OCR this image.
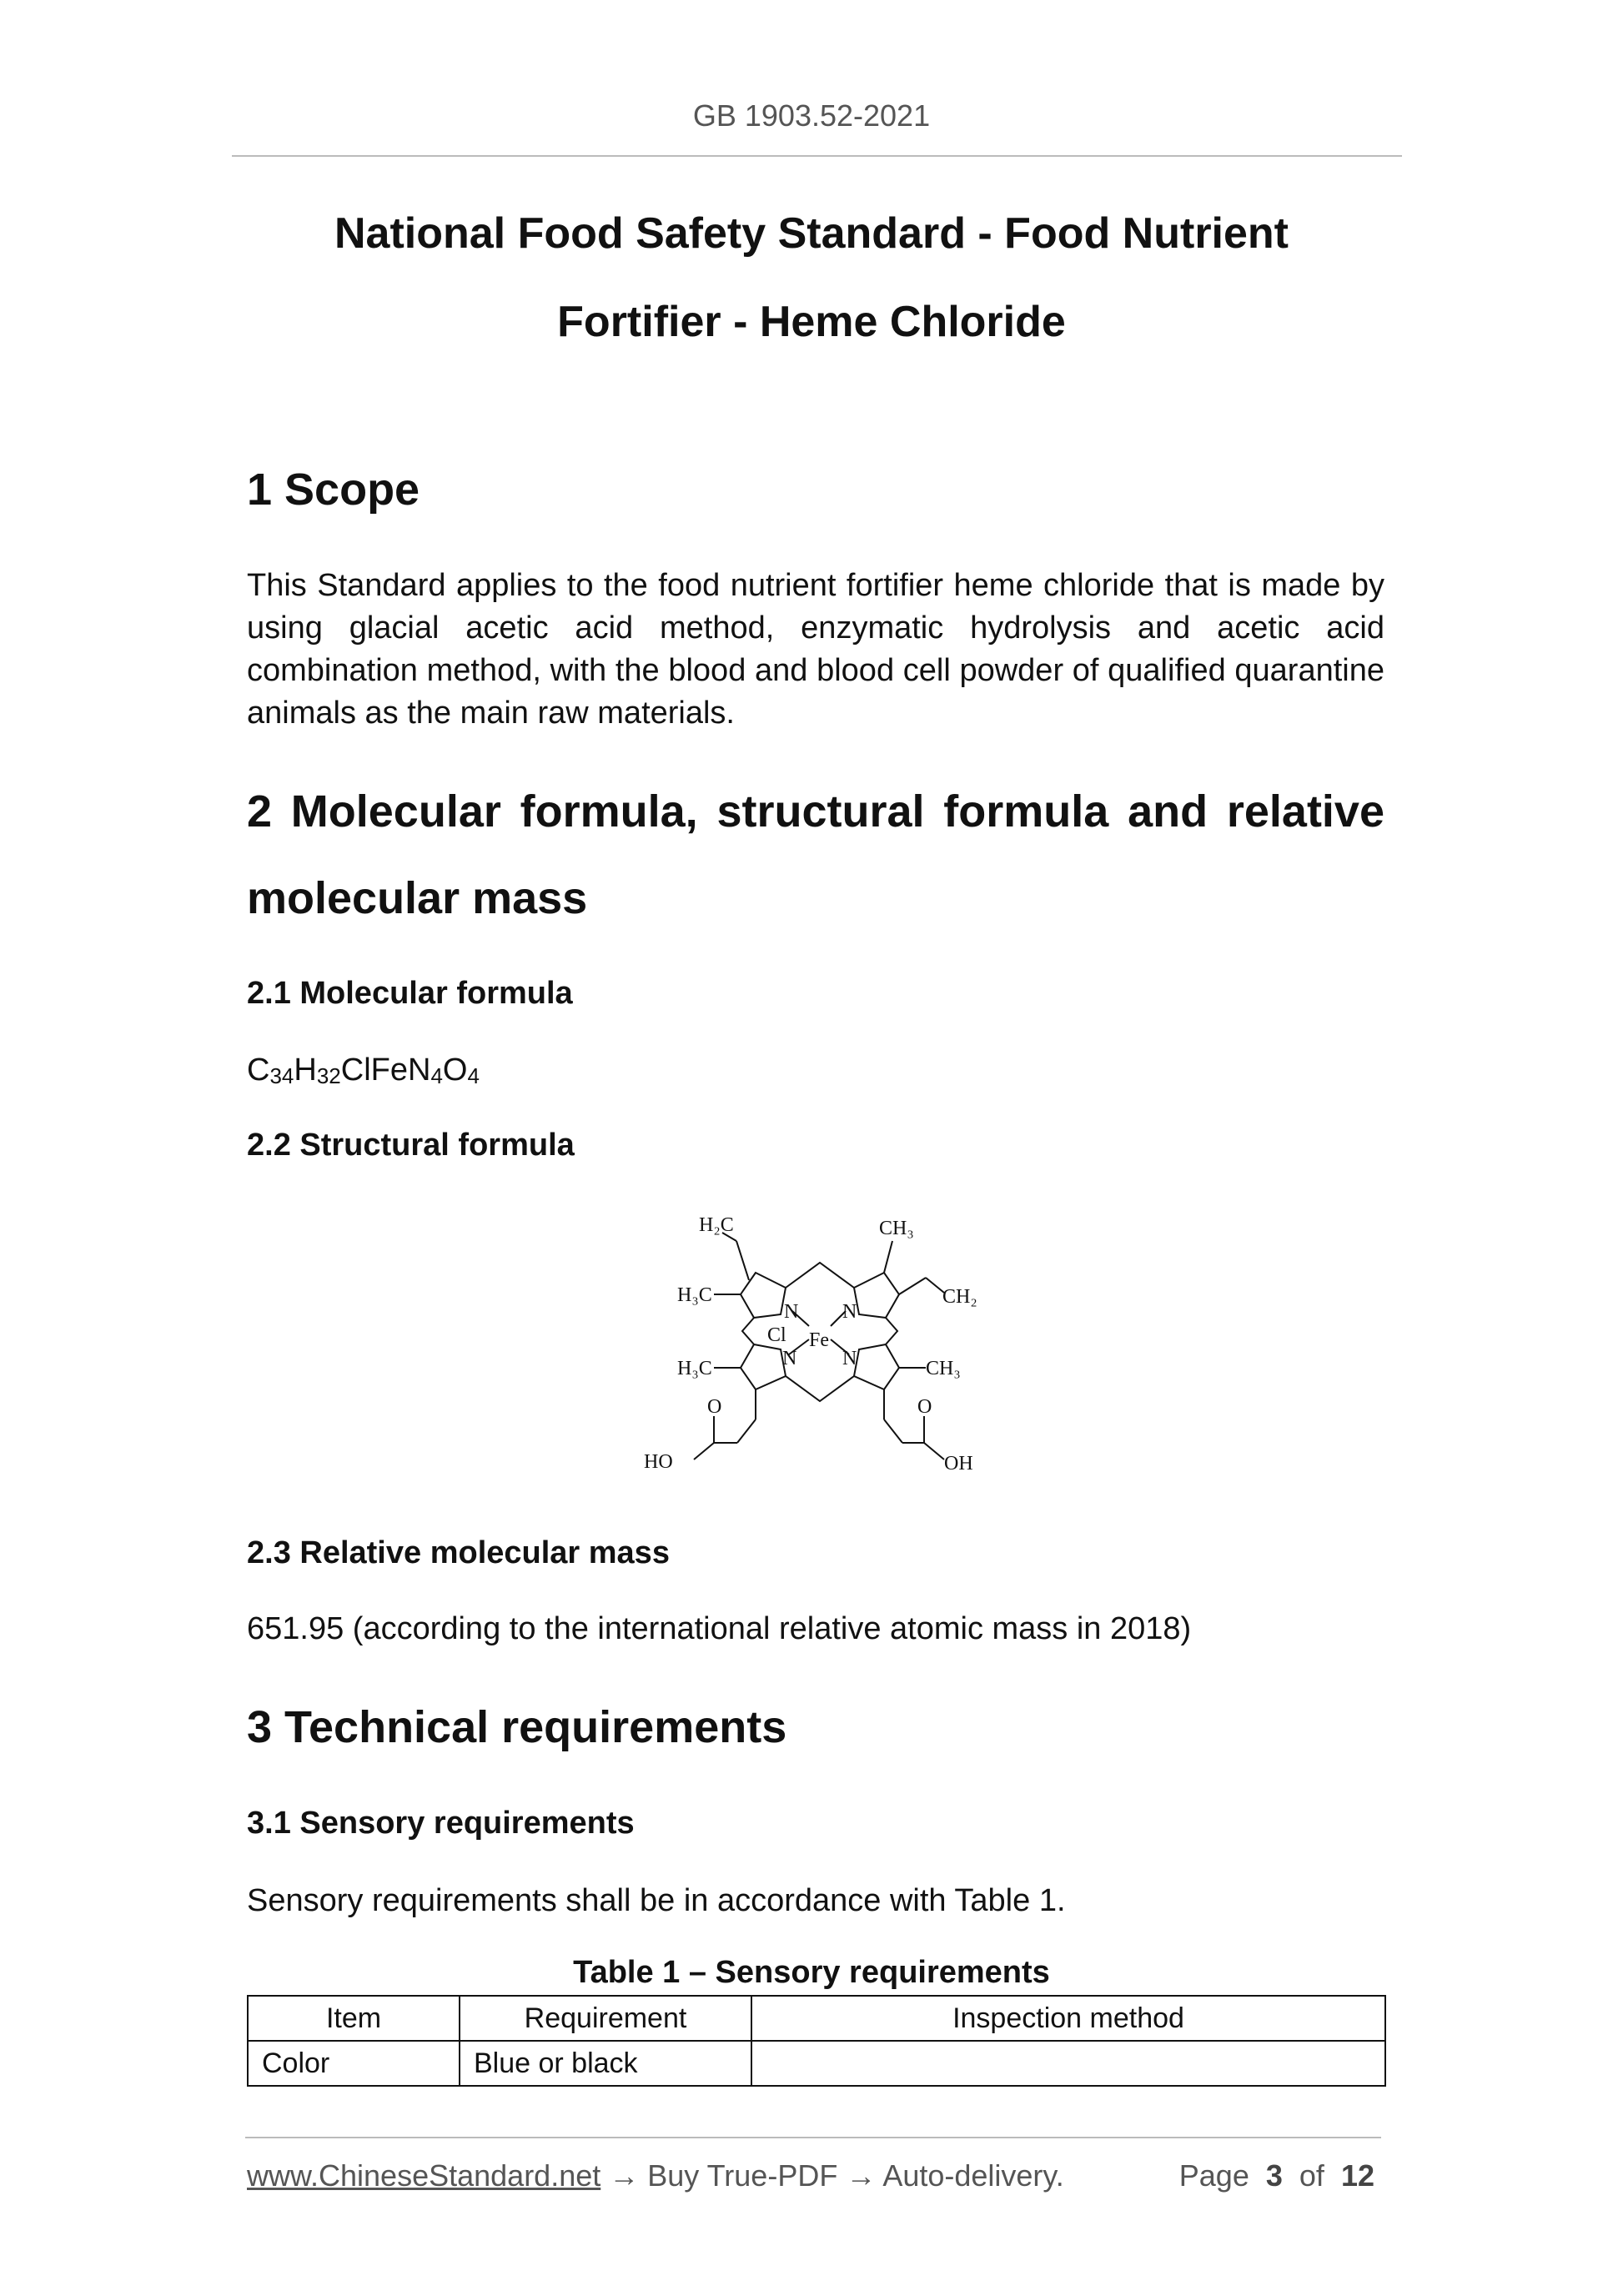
GB 1903.52-2021
National Food Safety Standard - Food Nutrient
Fortifier - Heme Chloride
1 Scope
This Standard applies to the food nutrient fortifier heme chloride that is made by using glacial acetic acid method, enzymatic hydrolysis and acetic acid combination method, with the blood and blood cell powder of qualified quarantine animals as the main raw materials.
2 Molecular formula, structural formula and relative
molecular mass
2.1 Molecular formula
$C_{34}H_{32}ClFeN_4O_4$
2.2 Structural formula
H₂C	CH₃
H₃C	CH₂
N N
N N
Cl Fe
H₃C	CH₃
O	O
HO	OH
2.3 Relative molecular mass
651.95 (according to the international relative atomic mass in 2018)
3 Technical requirements
3.1 Sensory requirements
Sensory requirements shall be in accordance with Table 1.
Table 1 – Sensory requirements
Item	Requirement	Inspection method
Color	Blue or black	
www.ChineseStandard.net → Buy True-PDF → Auto-delivery.	Page 3 of 12
